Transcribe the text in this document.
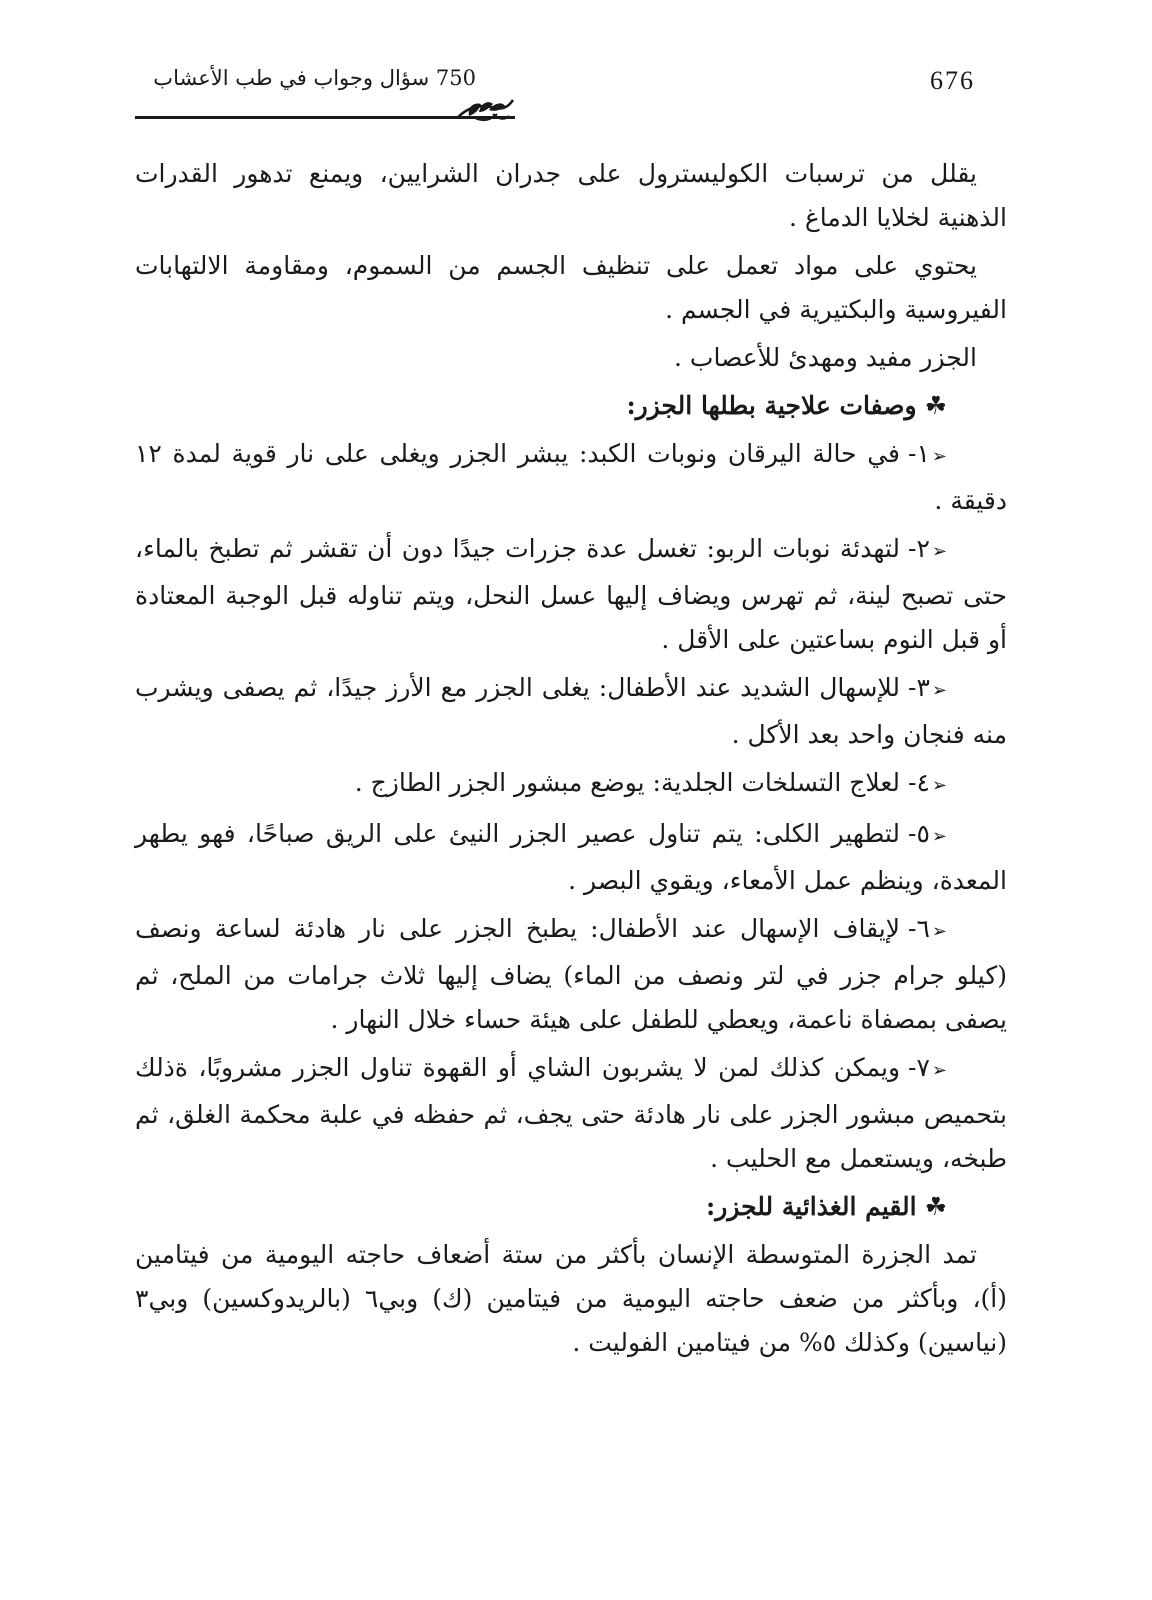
676
750 سؤال وجواب في طب الأعشاب

يقلل من ترسبات الكوليسترول على جدران الشرايين، ويمنع تدهور القدرات الذهنية لخلايا الدماغ .

يحتوي على مواد تعمل على تنظيف الجسم من السموم، ومقاومة الالتهابات الفيروسية والبكتيرية في الجسم .

الجزر مفيد ومهدئ للأعصاب .

☘وصفات علاجية بطلها الجزر:

➢١-في حالة اليرقان ونوبات الكبد: يبشر الجزر ويغلى على نار قوية لمدة ١٢ دقيقة .

➢٢-لتهدئة نوبات الربو: تغسل عدة جزرات جيدًا دون أن تقشر ثم تطبخ بالماء، حتى تصبح لينة، ثم تهرس ويضاف إليها عسل النحل، ويتم تناوله قبل الوجبة المعتادة أو قبل النوم بساعتين على الأقل .

➢٣-للإسهال الشديد عند الأطفال: يغلى الجزر مع الأرز جيدًا، ثم يصفى ويشرب منه فنجان واحد بعد الأكل .

➢٤-لعلاج التسلخات الجلدية: يوضع مبشور الجزر الطازج .

➢٥-لتطهير الكلى: يتم تناول عصير الجزر النيئ على الريق صباحًا، فهو يطهر المعدة، وينظم عمل الأمعاء، ويقوي البصر .

➢٦-لإيقاف الإسهال عند الأطفال: يطبخ الجزر على نار هادئة لساعة ونصف (كيلو جرام جزر في لتر ونصف من الماء) يضاف إليها ثلاث جرامات من الملح، ثم يصفى بمصفاة ناعمة، ويعطي للطفل على هيئة حساء خلال النهار .

➢٧-ويمكن كذلك لمن لا يشربون الشاي أو القهوة تناول الجزر مشروبًا، ةذلك بتحميص مبشور الجزر على نار هادئة حتى يجف، ثم حفظه في علبة محكمة الغلق، ثم طبخه، ويستعمل مع الحليب .

☘القيم الغذائية للجزر:

تمد الجزرة المتوسطة الإنسان بأكثر من ستة أضعاف حاجته اليومية من فيتامين (أ)، وبأكثر من ضعف حاجته اليومية من فيتامين (ك) وبي٦ (بالريدوكسين) وبي٣ (نياسين) وكذلك ٥% من فيتامين الفوليت .
